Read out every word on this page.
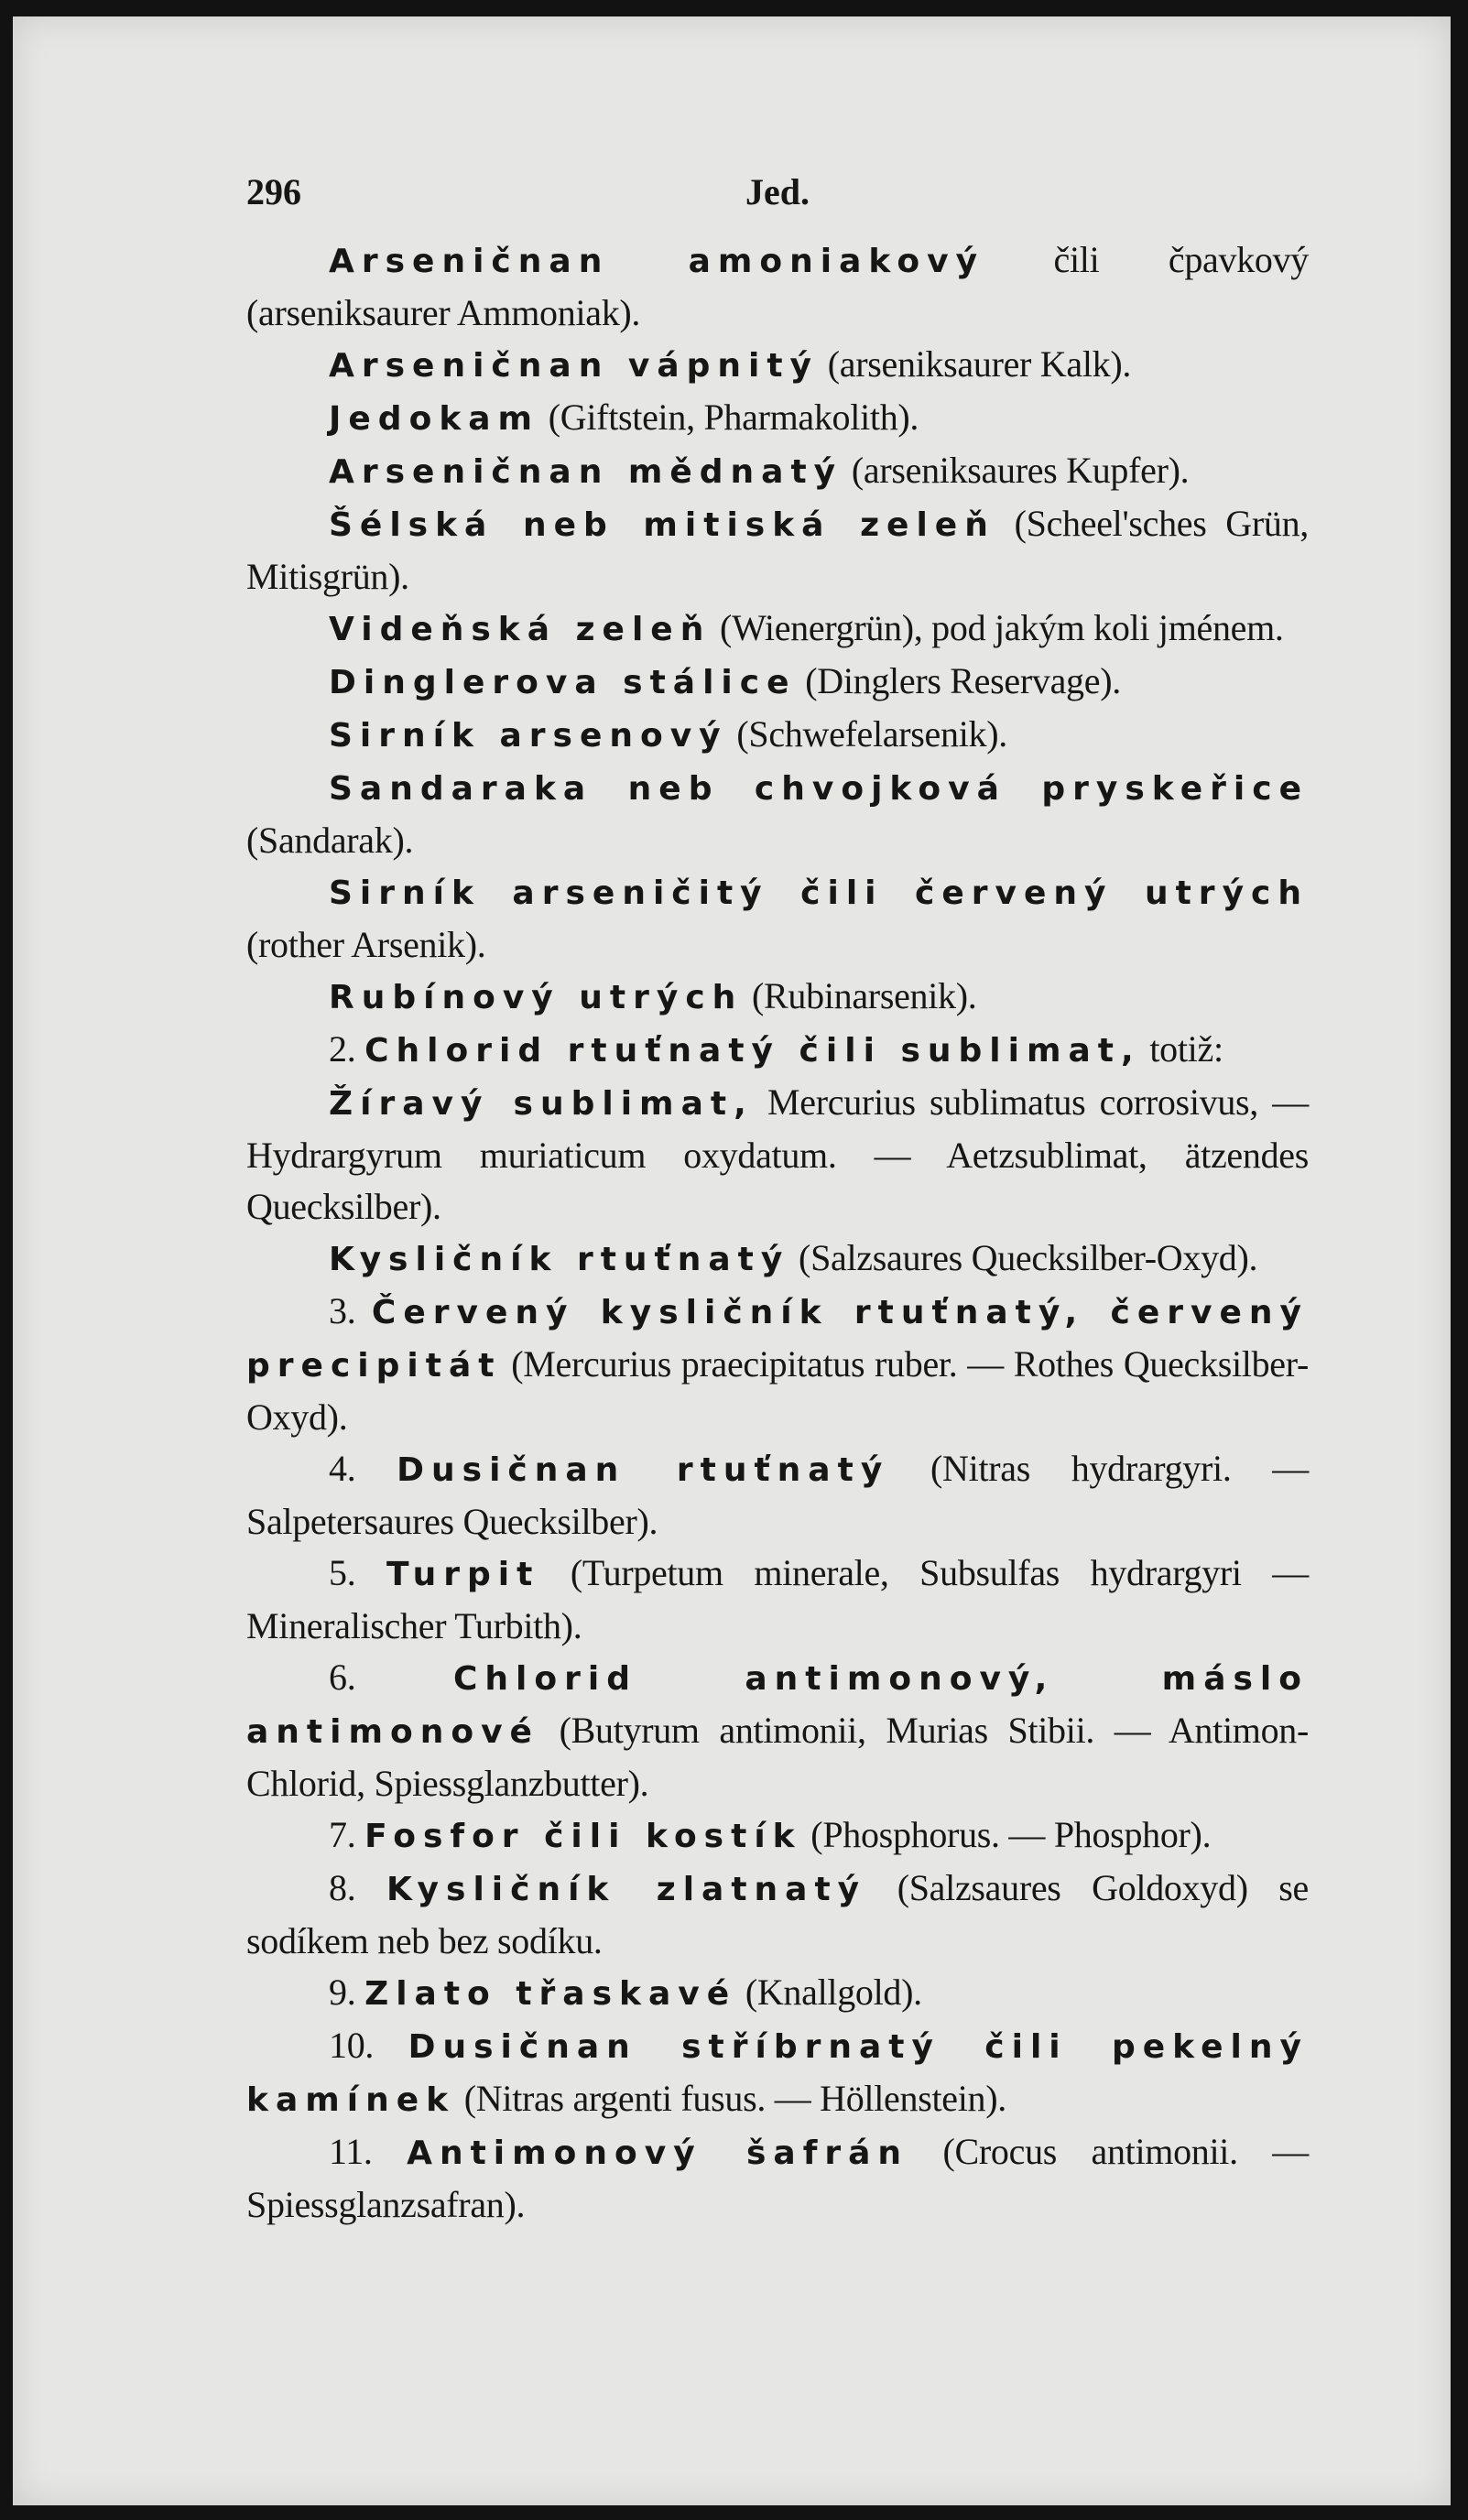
296	Jed.
Arseničnan amoniakový čili čpavkový (arseniksaurer Ammoniak).
Arseničnan vápnitý (arseniksaurer Kalk).
Jedokam (Giftstein, Pharmakolith).
Arseničnan mědnatý (arseniksaures Kupfer).
Šélská neb mitiská zeleň (Scheel'sches Grün, Mitisgrün).
Videňská zeleň (Wienergrün), pod jakým koli jménem.
Dinglerova stálice (Dinglers Reservage).
Sirník arsenový (Schwefelarsenik).
Sandaraka neb chvojková pryskeřice (Sandarak).
Sirník arseničitý čili červený utrých (rother Arsenik).
Rubínový utrých (Rubinarsenik).
2. Chlorid rtuťnatý čili sublimat, totiž:
Žíravý sublimat, Mercurius sublimatus corrosivus, — Hydrargyrum muriaticum oxydatum. — Aetzsublimat, ätzendes Quecksilber).
Kysličník rtuťnatý (Salzsaures Quecksilber-Oxyd).
3. Červený kysličník rtuťnatý, červený precipitát (Mercurius praecipitatus ruber. — Rothes Quecksilber-Oxyd).
4. Dusičnan rtuťnatý (Nitras hydrargyri. — Salpetersaures Quecksilber).
5. Turpit (Turpetum minerale, Subsulfas hydrargyri — Mineralischer Turbith).
6. Chlorid antimonový, máslo antimonové (Butyrum antimonii, Murias Stibii. — Antimon-Chlorid, Spiessglanzbutter).
7. Fosfor čili kostík (Phosphorus. — Phosphor).
8. Kysličník zlatnatý (Salzsaures Goldoxyd) se sodíkem neb bez sodíku.
9. Zlato třaskavé (Knallgold).
10. Dusičnan stříbrnatý čili pekelný kamínek (Nitras argenti fusus. — Höllenstein).
11. Antimonový šafrán (Crocus antimonii. — Spiessglanzsafran).
